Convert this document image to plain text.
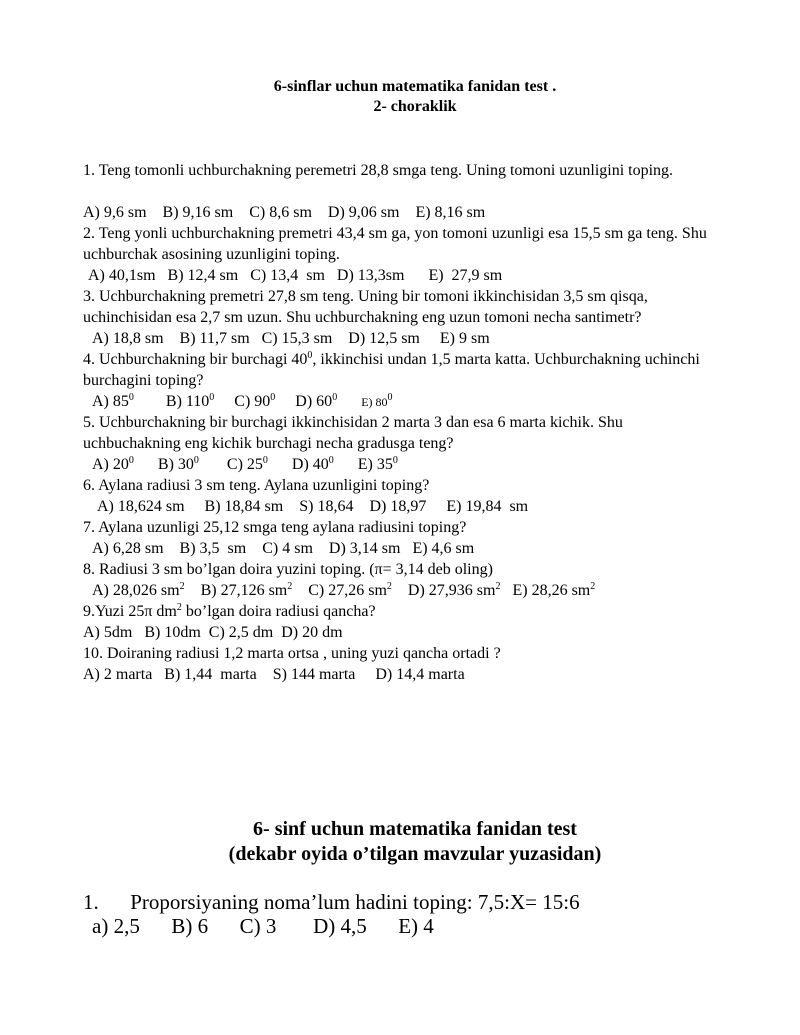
6-sinflar uchun matematika fanidan test .
2- choraklik
1. Teng tomonli uchburchakning peremetri 28,8 smga teng. Uning tomoni uzunligini toping.
A) 9,6 sm    B) 9,16 sm    C) 8,6 sm    D) 9,06 sm    E) 8,16 sm
2. Teng yonli uchburchakning premetri 43,4 sm ga, yon tomoni uzunligi esa 15,5 sm ga teng. Shu uchburchak asosining uzunligini toping.
A) 40,1sm   B) 12,4 sm   C) 13,4  sm   D) 13,3sm      E)  27,9 sm
3. Uchburchakning premetri 27,8 sm teng. Uning bir tomoni ikkinchisidan 3,5 sm qisqa, uchinchisidan esa 2,7 sm uzun. Shu uchburchakning eng uzun tomoni necha santimetr?
A) 18,8 sm    B) 11,7 sm   C) 15,3 sm    D) 12,5 sm     E) 9 sm
4. Uchburchakning bir burchagi $40^0$, ikkinchisi undan 1,5 marta katta. Uchburchakning uchinchi burchagini toping?
A) $85^0$ B) $110^0$ C) $90^0$ D) $60^0$ E) $80^0$
5. Uchburchakning bir burchagi ikkinchisidan 2 marta 3 dan esa 6 marta kichik. Shu uchbuchakning eng kichik burchagi necha gradusga teng?
A) $20^0$ B) $30^0$ C) $25^0$ D) $40^0$ E) $35^0$
6. Aylana radiusi 3 sm teng. Aylana uzunligini toping?
A) 18,624 sm     B) 18,84 sm    S) 18,64    D) 18,97     E) 19,84  sm
7. Aylana uzunligi 25,12 smga teng aylana radiusini toping?
A) 6,28 sm    B) 3,5  sm    C) 4 sm    D) 3,14 sm   E) 4,6 sm
8. Radiusi 3 sm bo’lgan doira yuzini toping. (π= 3,14 deb oling)
A) 28,026 $sm^2$ B) 27,126 $sm^2$ C) 27,26 $sm^2$ D) 27,936 $sm^2$ E) 28,26 $sm^2$
9.Yuzi 25π $dm^2$ bo’lgan doira radiusi qancha?
A) 5dm   B) 10dm  C) 2,5 dm  D) 20 dm
10. Doiraning radiusi 1,2 marta ortsa , uning yuzi qancha ortadi ?
A) 2 marta   B) 1,44  marta    S) 144 marta     D) 14,4 marta
6- sinf uchun matematika fanidan test
(dekabr oyida o’tilgan mavzular yuzasidan)
1.      Proporsiyaning noma’lum hadini toping: 7,5:X= 15:6
a) 2,5      B) 6      C) 3       D) 4,5      E) 4
